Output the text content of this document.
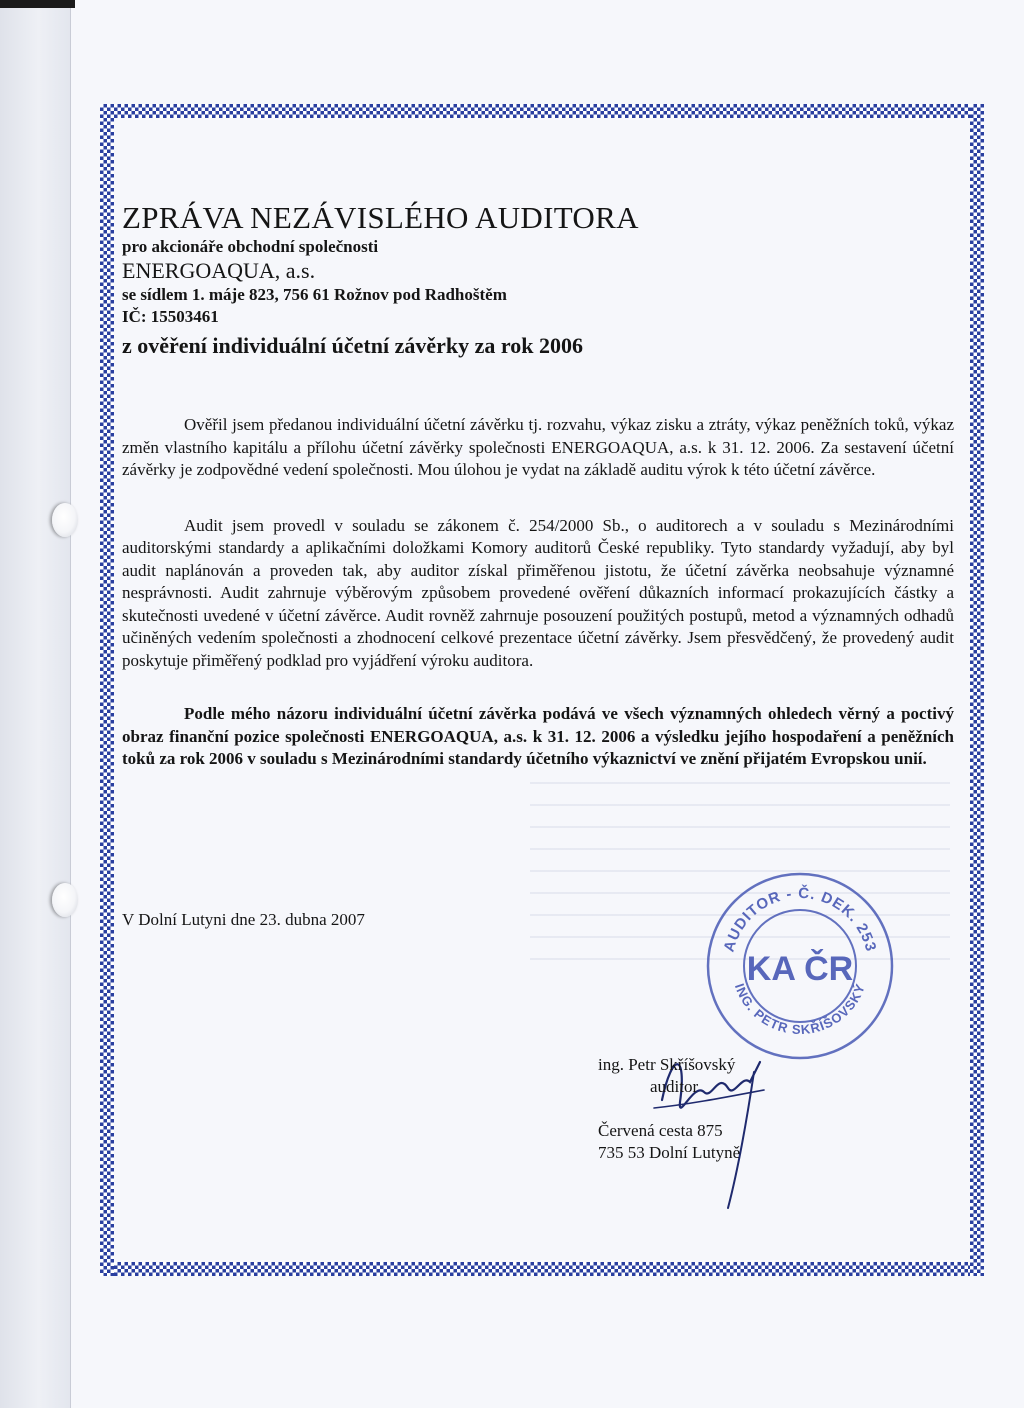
ZPRÁVA NEZÁVISLÉHO AUDITORA

pro akcionáře obchodní společnosti

ENERGOAQUA, a.s.

se sídlem 1. máje 823, 756 61 Rožnov pod Radhoštěm

IČ: 15503461

z ověření individuální účetní závěrky za rok 2006

Ověřil jsem předanou individuální účetní závěrku tj. rozvahu, výkaz zisku a ztráty, výkaz peněžních toků, výkaz změn vlastního kapitálu a přílohu účetní závěrky společnosti ENERGOAQUA, a.s. k 31. 12. 2006. Za sestavení účetní závěrky je zodpovědné vedení společnosti. Mou úlohou je vydat na základě auditu výrok k této účetní závěrce.

Audit jsem provedl v souladu se zákonem č. 254/2000 Sb., o auditorech a v souladu s Mezinárodními auditorskými standardy a aplikačními doložkami Komory auditorů České republiky. Tyto standardy vyžadují, aby byl audit naplánován a proveden tak, aby auditor získal přiměřenou jistotu, že účetní závěrka neobsahuje významné nesprávnosti. Audit zahrnuje výběrovým způsobem provedené ověření důkazních informací prokazujících částky a skutečnosti uvedené v účetní závěrce. Audit rovněž zahrnuje posouzení použitých postupů, metod a významných odhadů učiněných vedením společnosti a zhodnocení celkové prezentace účetní závěrky. Jsem přesvědčený, že provedený audit poskytuje přiměřený podklad pro vyjádření výroku auditora.

Podle mého názoru individuální účetní závěrka podává ve všech významných ohledech věrný a poctivý obraz finanční pozice společnosti ENERGOAQUA, a.s. k 31. 12. 2006 a výsledku jejího hospodaření a peněžních toků za rok 2006 v souladu s Mezinárodními standardy účetního výkaznictví ve znění přijatém Evropskou unií.

V Dolní Lutyni dne 23. dubna 2007
AUDITOR - Č. DEK. 253
ING. PETR SKŘÍŠOVSKÝ
KA ČR
ing. Petr Skříšovský
auditor
Červená cesta 875
735 53 Dolní Lutyně
